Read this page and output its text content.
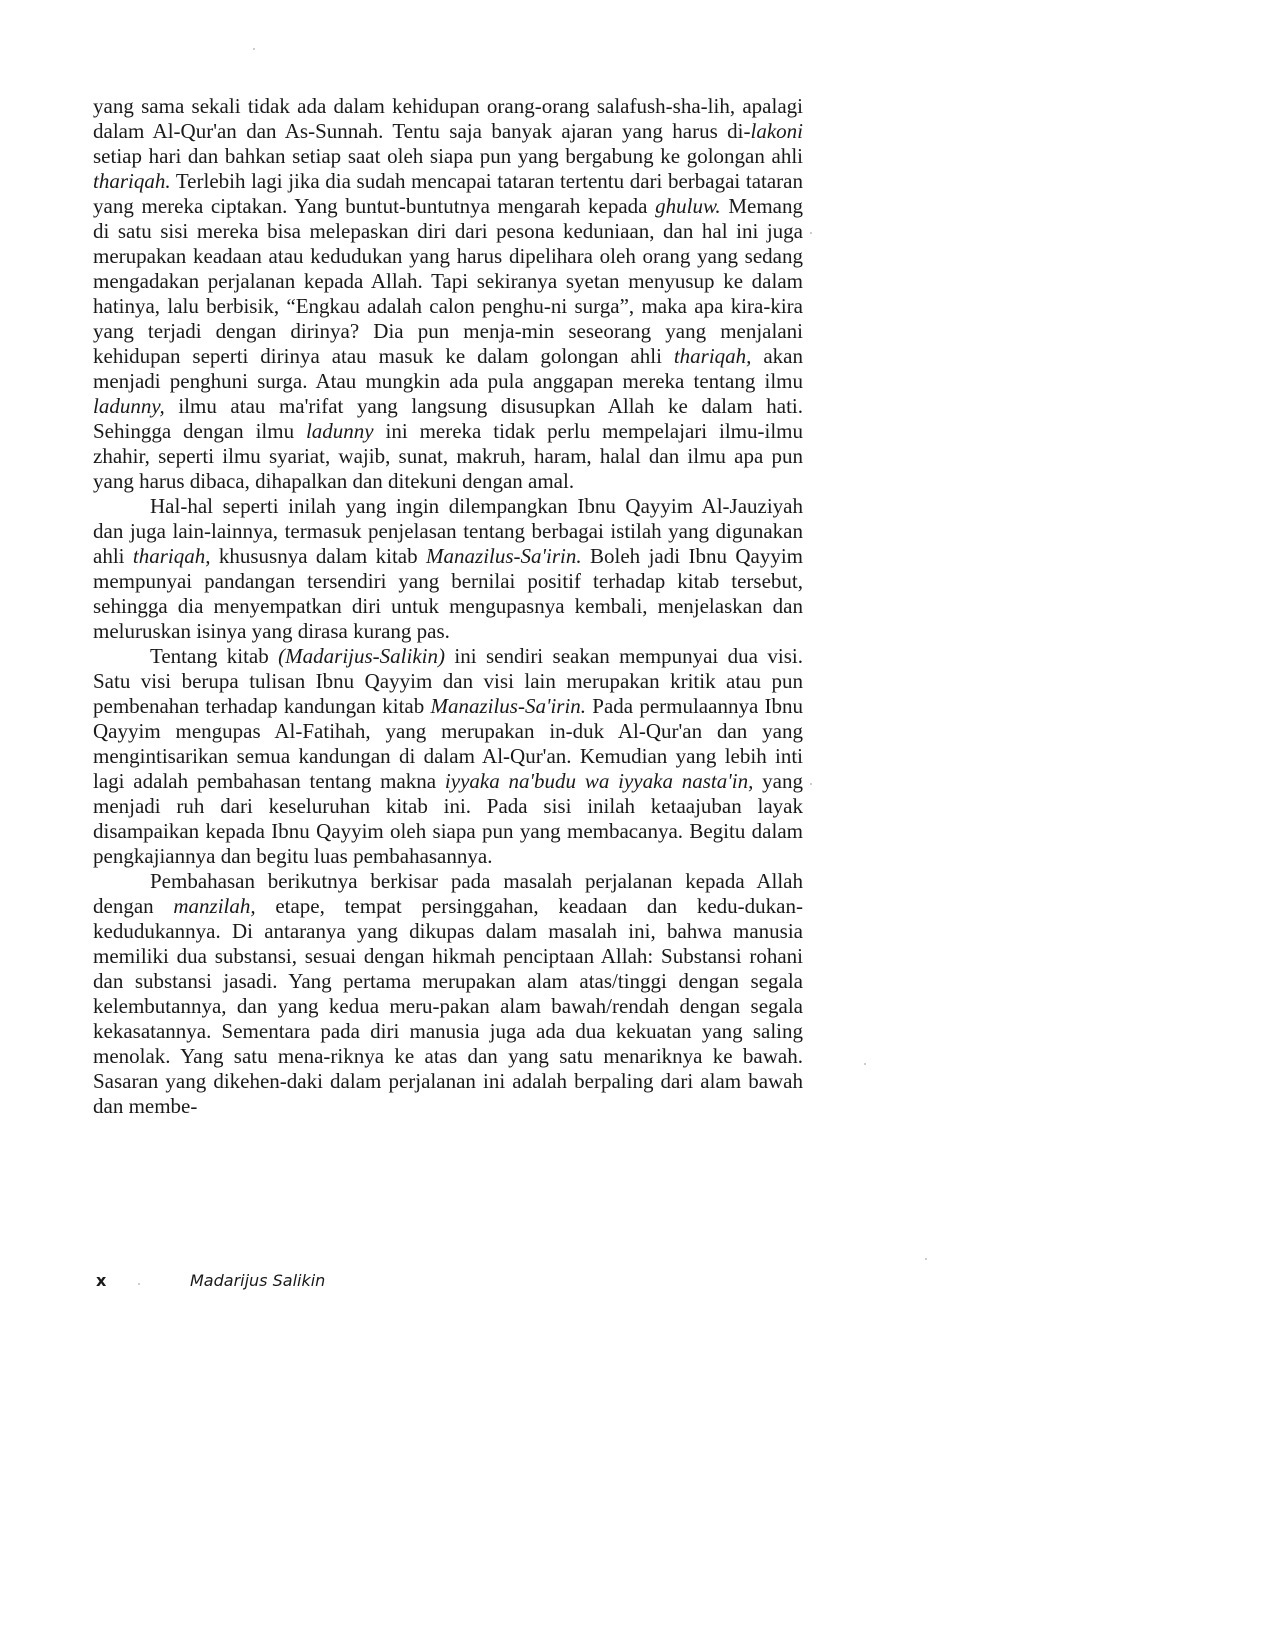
yang sama sekali tidak ada dalam kehidupan orang-orang salafush-sha-lih, apalagi dalam Al-Qur'an dan As-Sunnah. Tentu saja banyak ajaran yang harus di-lakoni setiap hari dan bahkan setiap saat oleh siapa pun yang bergabung ke golongan ahli thariqah. Terlebih lagi jika dia sudah mencapai tataran tertentu dari berbagai tataran yang mereka ciptakan. Yang buntut-buntutnya mengarah kepada ghuluw. Memang di satu sisi mereka bisa melepaskan diri dari pesona keduniaan, dan hal ini juga merupakan keadaan atau kedudukan yang harus dipelihara oleh orang yang sedang mengadakan perjalanan kepada Allah. Tapi sekiranya syetan menyusup ke dalam hatinya, lalu berbisik, “Engkau adalah calon penghu-ni surga”, maka apa kira-kira yang terjadi dengan dirinya? Dia pun menja-min seseorang yang menjalani kehidupan seperti dirinya atau masuk ke dalam golongan ahli thariqah, akan menjadi penghuni surga. Atau mungkin ada pula anggapan mereka tentang ilmu ladunny, ilmu atau ma'rifat yang langsung disusupkan Allah ke dalam hati. Sehingga dengan ilmu ladunny ini mereka tidak perlu mempelajari ilmu-ilmu zhahir, seperti ilmu syariat, wajib, sunat, makruh, haram, halal dan ilmu apa pun yang harus dibaca, dihapalkan dan ditekuni dengan amal.

Hal-hal seperti inilah yang ingin dilempangkan Ibnu Qayyim Al-Jauziyah dan juga lain-lainnya, termasuk penjelasan tentang berbagai istilah yang digunakan ahli thariqah, khususnya dalam kitab Manazilus-Sa'irin. Boleh jadi Ibnu Qayyim mempunyai pandangan tersendiri yang bernilai positif terhadap kitab tersebut, sehingga dia menyempatkan diri untuk mengupasnya kembali, menjelaskan dan meluruskan isinya yang dirasa kurang pas.

Tentang kitab (Madarijus-Salikin) ini sendiri seakan mempunyai dua visi. Satu visi berupa tulisan Ibnu Qayyim dan visi lain merupakan kritik atau pun pembenahan terhadap kandungan kitab Manazilus-Sa'irin. Pada permulaannya Ibnu Qayyim mengupas Al-Fatihah, yang merupakan in-duk Al-Qur'an dan yang mengintisarikan semua kandungan di dalam Al-Qur'an. Kemudian yang lebih inti lagi adalah pembahasan tentang makna iyyaka na'budu wa iyyaka nasta'in, yang menjadi ruh dari keseluruhan kitab ini. Pada sisi inilah ketaajuban layak disampaikan kepada Ibnu Qayyim oleh siapa pun yang membacanya. Begitu dalam pengkajiannya dan begitu luas pembahasannya.

Pembahasan berikutnya berkisar pada masalah perjalanan kepada Allah dengan manzilah, etape, tempat persinggahan, keadaan dan kedu-dukan-kedudukannya. Di antaranya yang dikupas dalam masalah ini, bahwa manusia memiliki dua substansi, sesuai dengan hikmah penciptaan Allah: Substansi rohani dan substansi jasadi. Yang pertama merupakan alam atas/tinggi dengan segala kelembutannya, dan yang kedua meru-pakan alam bawah/rendah dengan segala kekasatannya. Sementara pada diri manusia juga ada dua kekuatan yang saling menolak. Yang satu mena-riknya ke atas dan yang satu menariknya ke bawah. Sasaran yang dikehen-daki dalam perjalanan ini adalah berpaling dari alam bawah dan membe-

x	Madarijus Salikin
